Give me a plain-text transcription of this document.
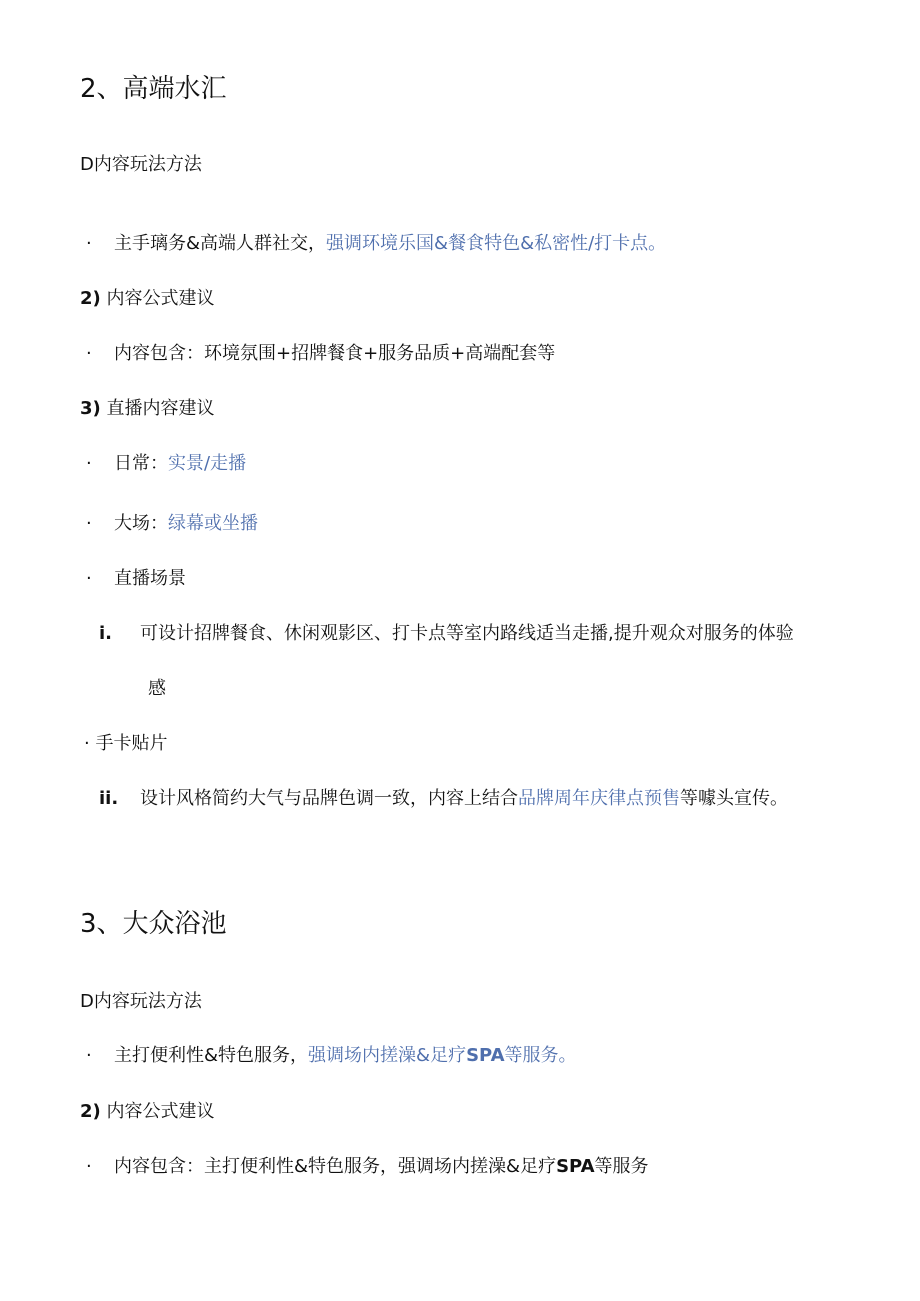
2、高端水汇
D内容玩法方法
· 主手璃务&高端人群社交，强调环境乐国&餐食特色&私密性/打卡点。
2) 内容公式建议
· 内容包含：环境氛围+招牌餐食+服务品质+高端配套等
3) 直播内容建议
· 日常：实景/走播
· 大场：绿幕或坐播
· 直播场景
i. 可设计招牌餐食、休闲观影区、打卡点等室内路线适当走播,提升观众对服务的体验
感
· 手卡贴片
ii. 设计风格简约大气与品牌色调一致，内容上结合品牌周年庆律点预售等噱头宣传。
3、大众浴池
D内容玩法方法
· 主打便利性&特色服务，强调场内搓澡&足疗SPA等服务。
2) 内容公式建议
· 内容包含：主打便利性&特色服务，强调场内搓澡&足疗SPA等服务
